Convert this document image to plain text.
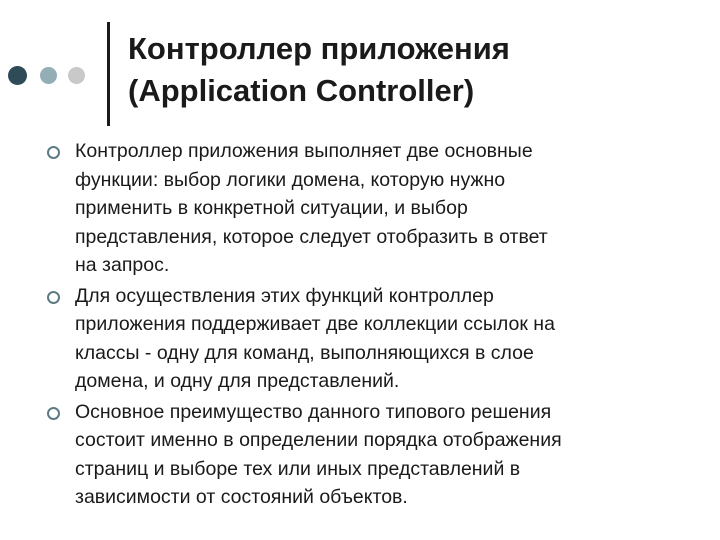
Контроллер приложения
(Application Controller)
Контроллер приложения выполняет две основные
функции: выбор логики домена, которую нужно
применить в конкретной ситуации, и выбор
представления, которое следует отобразить в ответ
на запрос.
Для осуществления этих функций контроллер
приложения поддерживает две коллекции ссылок на
классы - одну для команд, выполняющихся в слое
домена, и одну для представлений.
Основное преимущество данного типового решения
состоит именно в определении порядка отображения
страниц и выборе тех или иных представлений в
зависимости от состояний объектов.
